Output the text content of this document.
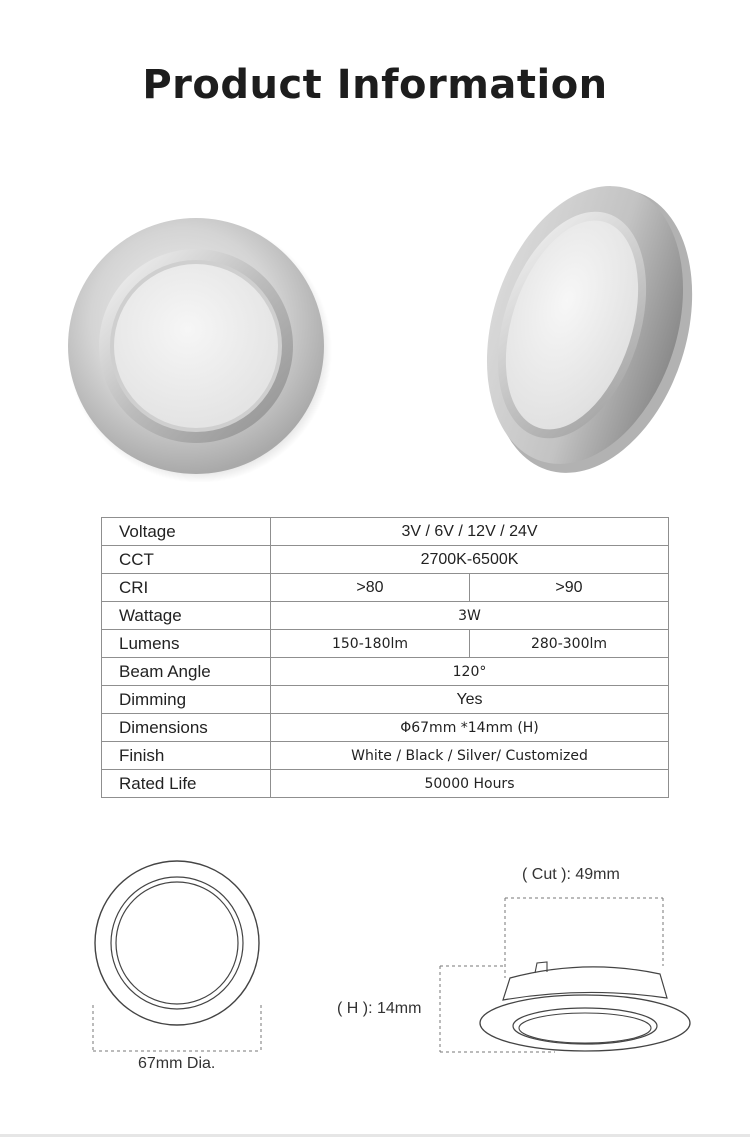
Product Information
Voltage	3V / 6V / 12V / 24V	
CCT	2700K-6500K	
CRI	>80	>90
Wattage	3W	
Lumens	150-180lm	280-300lm
Beam Angle	120°	
Dimming	Yes	
Dimensions	Φ67mm *14mm (H)	
Finish	White / Black / Silver/ Customized	
Rated Life	50000 Hours	
67mm Dia.
( Cut ): 49mm
( H ): 14mm
